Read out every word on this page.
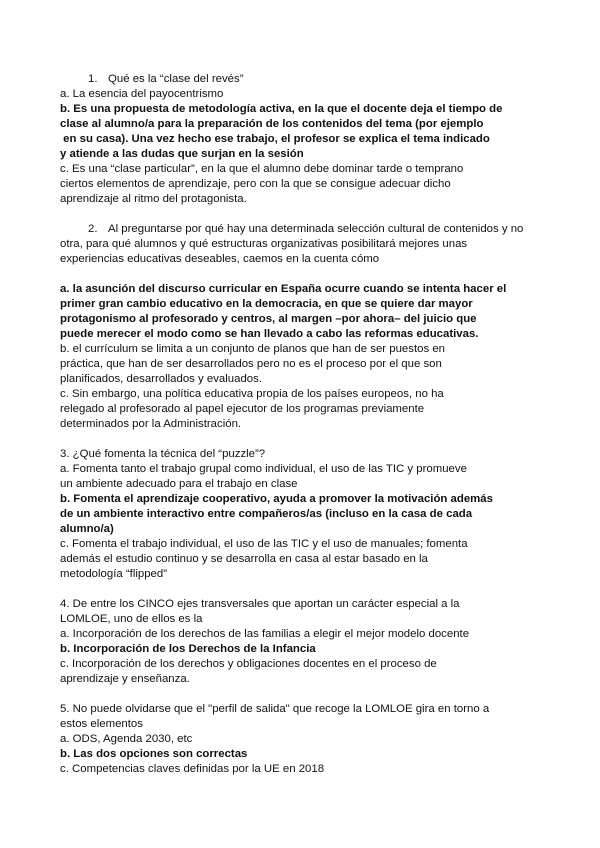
1. Qué es la “clase del revés”
a. La esencia del payocentrismo
b. Es una propuesta de metodología activa, en la que el docente deja el tiempo de
clase al alumno/a para la preparación de los contenidos del tema (por ejemplo
en su casa). Una vez hecho ese trabajo, el profesor se explica el tema indicado
y atiende a las dudas que surjan en la sesión
c. Es una “clase particular”, en la que el alumno debe dominar tarde o temprano
ciertos elementos de aprendizaje, pero con la que se consigue adecuar dicho
aprendizaje al ritmo del protagonista.
2. Al preguntarse por qué hay una determinada selección cultural de contenidos y no
otra, para qué alumnos y qué estructuras organizativas posibilitará mejores unas
experiencias educativas deseables, caemos en la cuenta cómo
a. la asunción del discurso curricular en España ocurre cuando se intenta hacer el
primer gran cambio educativo en la democracia, en que se quiere dar mayor
protagonismo al profesorado y centros, al margen –por ahora– del juicio que
puede merecer el modo como se han llevado a cabo las reformas educativas.
b. el currículum se limita a un conjunto de planos que han de ser puestos en
práctica, que han de ser desarrollados pero no es el proceso por el que son
planificados, desarrollados y evaluados.
c. Sin embargo, una política educativa propia de los países europeos, no ha
relegado al profesorado al papel ejecutor de los programas previamente
determinados por la Administración.
3. ¿Qué fomenta la técnica del “puzzle”?
a. Fomenta tanto el trabajo grupal como individual, el uso de las TIC y promueve
un ambiente adecuado para el trabajo en clase
b. Fomenta el aprendizaje cooperativo, ayuda a promover la motivación además
de un ambiente interactivo entre compañeros/as (incluso en la casa de cada
alumno/a)
c. Fomenta el trabajo individual, el uso de las TIC y el uso de manuales; fomenta
además el estudio continuo y se desarrolla en casa al estar basado en la
metodología “flipped”
4. De entre los CINCO ejes transversales que aportan un carácter especial a la
LOMLOE, uno de ellos es la
a. Incorporación de los derechos de las familias a elegir el mejor modelo docente
b. Incorporación de los Derechos de la Infancia
c. Incorporación de los derechos y obligaciones docentes en el proceso de
aprendizaje y enseñanza.
5. No puede olvidarse que el "perfil de salida" que recoge la LOMLOE gira en torno a
estos elementos
a. ODS, Agenda 2030, etc
b. Las dos opciones son correctas
c. Competencias claves definidas por la UE en 2018
